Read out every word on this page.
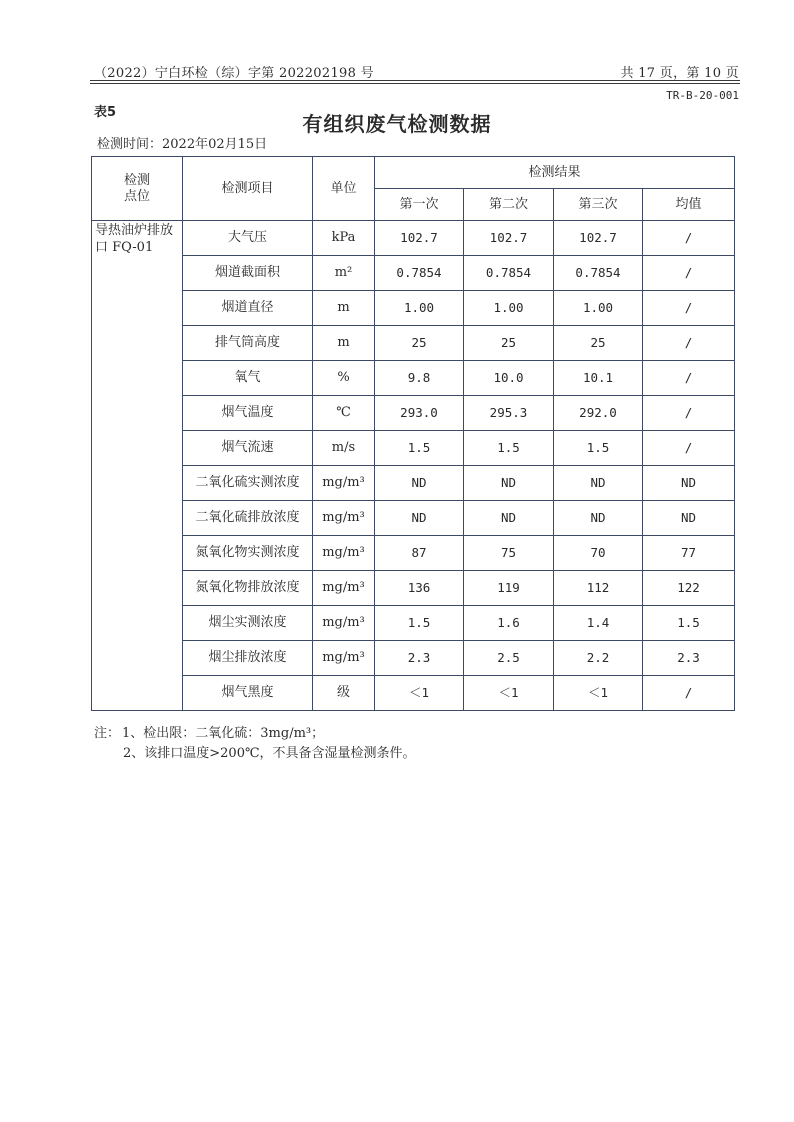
（2022）宁白环检（综）字第 202202198 号	共 17 页，第 10 页
TR-B-20-001
表5	有组织废气检测数据
检测时间：2022年02月15日
检测
点位	检测项目	单位	检测结果			
			第一次	第二次	第三次	均值
导热油炉排放口 FQ-01	大气压	kPa	102.7	102.7	102.7	/
	烟道截面积	m²	0.7854	0.7854	0.7854	/
	烟道直径	m	1.00	1.00	1.00	/
	排气筒高度	m	25	25	25	/
	氧气	%	9.8	10.0	10.1	/
	烟气温度	℃	293.0	295.3	292.0	/
	烟气流速	m/s	1.5	1.5	1.5	/
	二氧化硫实测浓度	mg/m³	ND	ND	ND	ND
	二氧化硫排放浓度	mg/m³	ND	ND	ND	ND
	氮氧化物实测浓度	mg/m³	87	75	70	77
	氮氧化物排放浓度	mg/m³	136	119	112	122
	烟尘实测浓度	mg/m³	1.5	1.6	1.4	1.5
	烟尘排放浓度	mg/m³	2.3	2.5	2.2	2.3
	烟气黑度	级	＜1	＜1	＜1	/
注： 1、检出限：二氧化硫：3mg/m³；
2、该排口温度>200℃，不具备含湿量检测条件。
